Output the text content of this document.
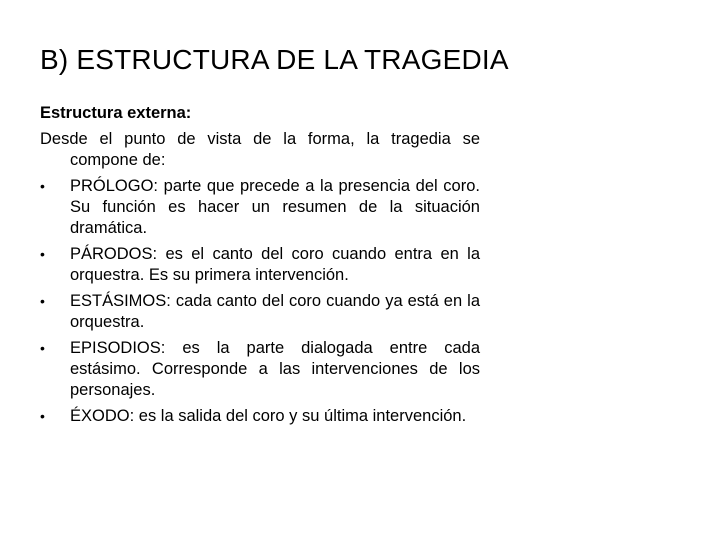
B) ESTRUCTURA DE LA TRAGEDIA
Estructura externa:
Desde el punto de vista de la forma, la tragedia se compone de:
•	PRÓLOGO: parte que precede a la presencia del coro. Su función es hacer un resumen de la situación dramática.
•	PÁRODOS: es el canto del coro cuando entra en la orquestra. Es su primera intervención.
•	ESTÁSIMOS: cada canto del coro cuando ya está en la orquestra.
•	EPISODIOS: es la parte dialogada entre cada estásimo. Corresponde a las intervenciones de los personajes.
•	ÉXODO: es la salida del coro y su última intervención.
